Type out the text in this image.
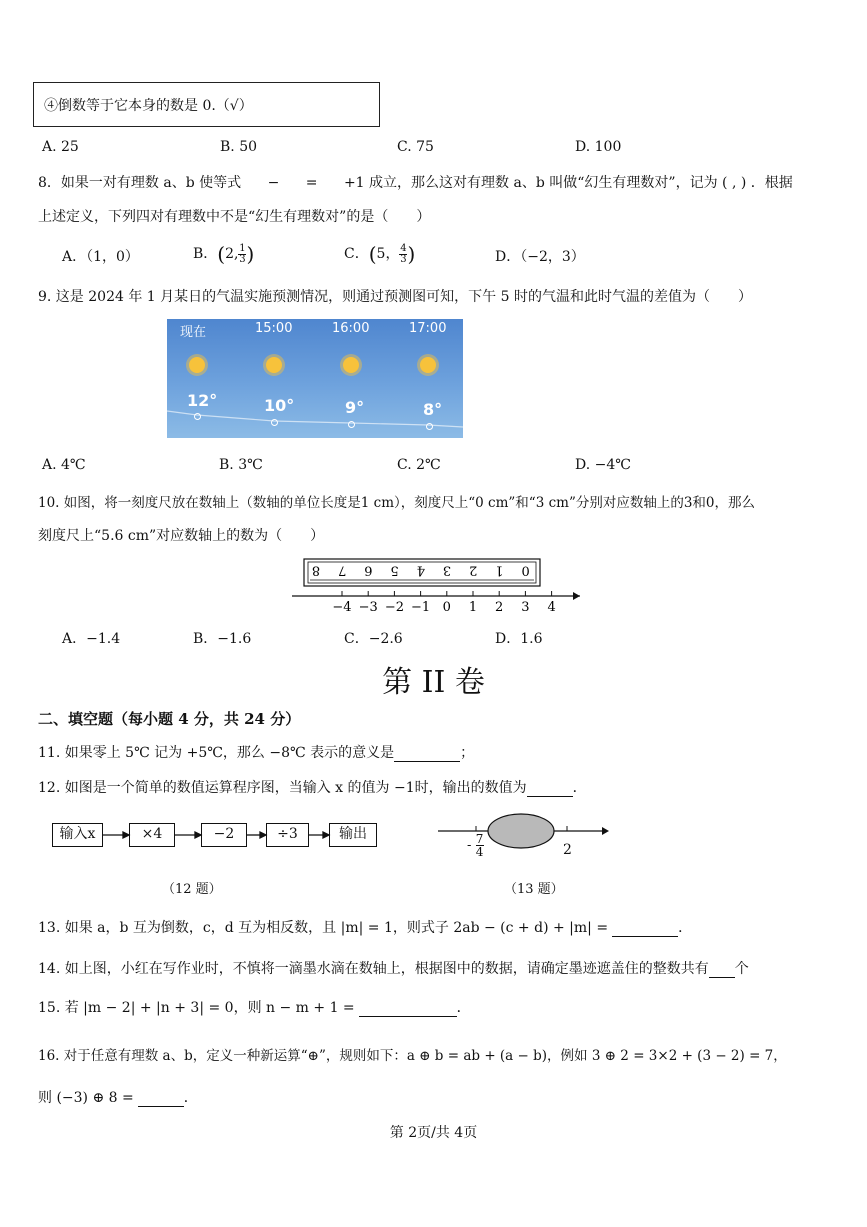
④倒数等于它本身的数是 0.（√）
A. 25	B. 50	C. 75	D. 100
8．如果一对有理数 a、b 使等式 − = +1 成立，那么这对有理数 a、b 叫做“幻生有理数对”，记为 ( , ) ．根据
上述定义，下列四对有理数中不是“幻生有理数对”的是（　　）
A．（1，0）	B．(2, $\frac{1}{3}$ )	C．(5， $\frac{4}{3}$ )	D．（−2，3）
9. 这是 2024 年 1 月某日的气温实施预测情况，则通过预测图可知，下午 5 时的气温和此时气温的差值为（　　）
现在	15:00	16:00	17:00
12°	10°	9°	8°
A. 4℃	B. 3℃	C. 2℃	D. −4℃
10. 如图，将一刻度尺放在数轴上（数轴的单位长度是1 cm），刻度尺上“0 cm”和“3 cm”分别对应数轴上的3和0，那么
刻度尺上“5.6 cm”对应数轴上的数为（　　）
8 7 6 5 4 3 2 1 0
−4 −3 −2 −1 0 1 2 3 4
A．−1.4	B．−1.6	C．−2.6	D．1.6
第 II 卷
二、填空题（每小题 4 分，共 24 分）
11. 如果零上 5℃ 记为 +5℃，那么 −8℃ 表示的意义是	；
12. 如图是一个简单的数值运算程序图，当输入 x 的值为 −1时，输出的数值为	．
输入x	×4	−2	÷3	输出
（12 题）
- $\frac{7}{4}$	2
（13 题）
13. 如果 a，b 互为倒数，c，d 互为相反数，且 |m| = 1，则式子 2ab − (c + d) + |m| =	．
14. 如上图，小红在写作业时，不慎将一滴墨水滴在数轴上，根据图中的数据，请确定墨迹遮盖住的整数共有 个
15. 若 |m − 2| + |n + 3| = 0，则 n − m + 1 =	．
16. 对于任意有理数 a、b，定义一种新运算“⊕”，规则如下：a ⊕ b = ab + (a − b)，例如 3 ⊕ 2 = 3×2 + (3 − 2) = 7，
则 (−3) ⊕ 8 =	．
第 2页/共 4页
